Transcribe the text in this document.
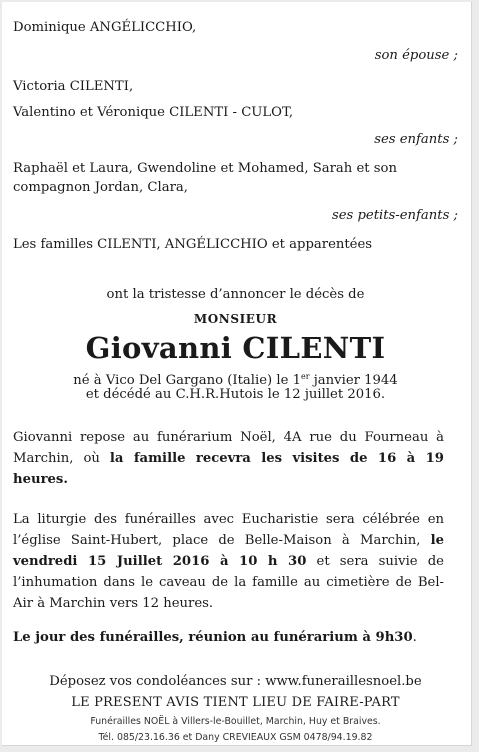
Dominique ANGÉLICCHIO,
son épouse ;
Victoria CILENTI,
Valentino et Véronique CILENTI - CULOT,
ses enfants ;
Raphaël et Laura, Gwendoline et Mohamed, Sarah et son
compagnon Jordan, Clara,
ses petits-enfants ;
Les familles CILENTI, ANGÉLICCHIO et apparentées
ont la tristesse d’annoncer le décès de
MONSIEUR
Giovanni CILENTI
né à Vico Del Gargano (Italie) le 1er janvier 1944
et décédé au C.H.R.Hutois le 12 juillet 2016.
Giovanni repose au funérarium Noël, 4A rue du Fourneau à Marchin, où la famille recevra les visites de 16 à 19 heures.
La liturgie des funérailles avec Eucharistie sera célébrée en l’église Saint-Hubert, place de Belle-Maison à Marchin, le vendredi 15 Juillet 2016 à 10 h 30 et sera suivie de l’inhumation dans le caveau de la famille au cimetière de Bel-Air à Marchin vers 12 heures.
Le jour des funérailles, réunion au funérarium à 9h30.
Déposez vos condoléances sur : www.funeraillesnoel.be
LE PRESENT AVIS TIENT LIEU DE FAIRE-PART
Funérailles NOËL à Villers-le-Bouillet, Marchin, Huy et Braives.
Tél. 085/23.16.36 et Dany CREVIEAUX GSM 0478/94.19.82
